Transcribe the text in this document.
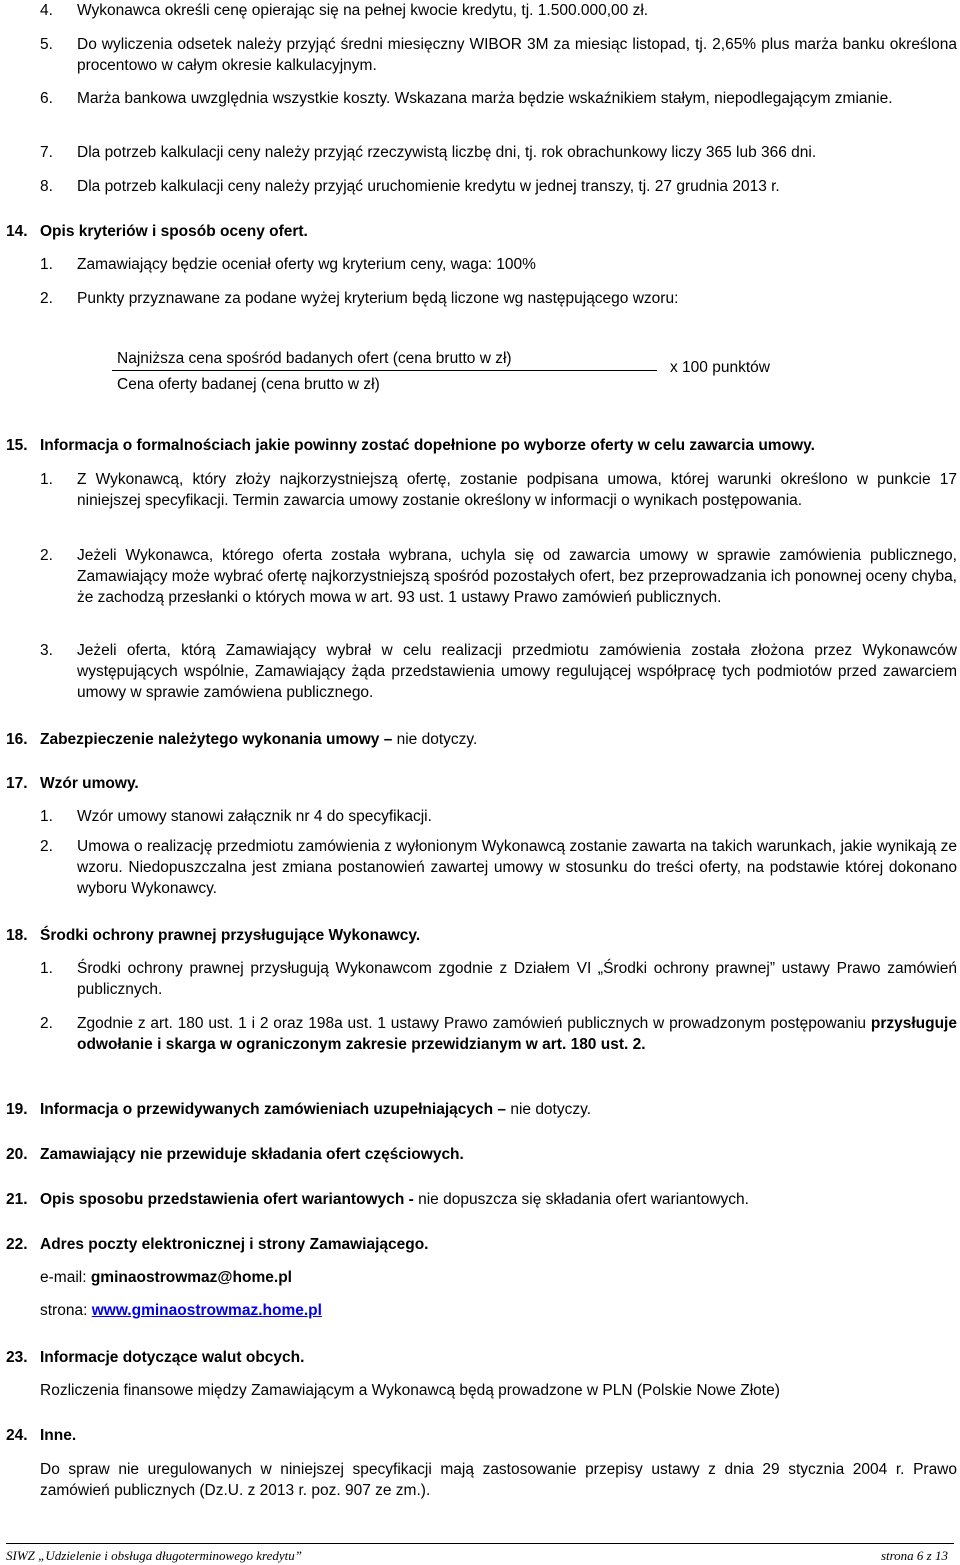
4. Wykonawca określi cenę opierając się na pełnej kwocie kredytu, tj. 1.500.000,00 zł.
5. Do wyliczenia odsetek należy przyjąć średni miesięczny WIBOR 3M za miesiąc listopad, tj. 2,65% plus marża banku określona procentowo w całym okresie kalkulacyjnym.
6. Marża bankowa uwzględnia wszystkie koszty. Wskazana marża będzie wskaźnikiem stałym, niepodlegającym zmianie.
7. Dla potrzeb kalkulacji ceny należy przyjąć rzeczywistą liczbę dni, tj. rok obrachunkowy liczy 365 lub 366 dni.
8. Dla potrzeb kalkulacji ceny należy przyjąć uruchomienie kredytu w jednej transzy, tj. 27 grudnia 2013 r.
14. Opis kryteriów i sposób oceny ofert.
1. Zamawiający będzie oceniał oferty wg kryterium ceny, waga: 100%
2. Punkty przyznawane za podane wyżej kryterium będą liczone wg następującego wzoru:
Najniższa cena spośród badanych ofert (cena brutto w zł)
Cena oferty badanej (cena brutto w zł)
x 100 punktów
15. Informacja o formalnościach jakie powinny zostać dopełnione po wyborze oferty w celu zawarcia umowy.
1. Z Wykonawcą, który złoży najkorzystniejszą ofertę, zostanie podpisana umowa, której warunki określono w punkcie 17 niniejszej specyfikacji. Termin zawarcia umowy zostanie określony w informacji o wynikach postępowania.
2. Jeżeli Wykonawca, którego oferta została wybrana, uchyla się od zawarcia umowy w sprawie zamówienia publicznego, Zamawiający może wybrać ofertę najkorzystniejszą spośród pozostałych ofert, bez przeprowadzania ich ponownej oceny chyba, że zachodzą przesłanki o których mowa w art. 93 ust. 1 ustawy Prawo zamówień publicznych.
3. Jeżeli oferta, którą Zamawiający wybrał w celu realizacji przedmiotu zamówienia została złożona przez Wykonawców występujących wspólnie, Zamawiający żąda przedstawienia umowy regulującej współpracę tych podmiotów przed zawarciem umowy w sprawie zamówiena publicznego.
16. Zabezpieczenie należytego wykonania umowy – nie dotyczy.
17. Wzór umowy.
1. Wzór umowy stanowi załącznik nr 4 do specyfikacji.
2. Umowa o realizację przedmiotu zamówienia z wyłonionym Wykonawcą zostanie zawarta na takich warunkach, jakie wynikają ze wzoru. Niedopuszczalna jest zmiana postanowień zawartej umowy w stosunku do treści oferty, na podstawie której dokonano wyboru Wykonawcy.
18. Środki ochrony prawnej przysługujące Wykonawcy.
1. Środki ochrony prawnej przysługują Wykonawcom zgodnie z Działem VI „Środki ochrony prawnej” ustawy Prawo zamówień publicznych.
2. Zgodnie z art. 180 ust. 1 i 2 oraz 198a ust. 1 ustawy Prawo zamówień publicznych w prowadzonym postępowaniu przysługuje odwołanie i skarga w ograniczonym zakresie przewidzianym w art. 180 ust. 2.
19. Informacja o przewidywanych zamówieniach uzupełniających – nie dotyczy.
20. Zamawiający nie przewiduje składania ofert częściowych.
21. Opis sposobu przedstawienia ofert wariantowych - nie dopuszcza się składania ofert wariantowych.
22. Adres poczty elektronicznej i strony Zamawiającego.
e-mail: gminaostrowmaz@home.pl
strona: www.gminaostrowmaz.home.pl
23. Informacje dotyczące walut obcych.
Rozliczenia finansowe między Zamawiającym a Wykonawcą będą prowadzone w PLN (Polskie Nowe Złote)
24. Inne.
Do spraw nie uregulowanych w niniejszej specyfikacji mają zastosowanie przepisy ustawy z dnia 29 stycznia 2004 r. Prawo zamówień publicznych (Dz.U. z 2013 r. poz. 907 ze zm.).
SIWZ „Udzielenie i obsługa długoterminowego kredytu”	strona 6 z 13
